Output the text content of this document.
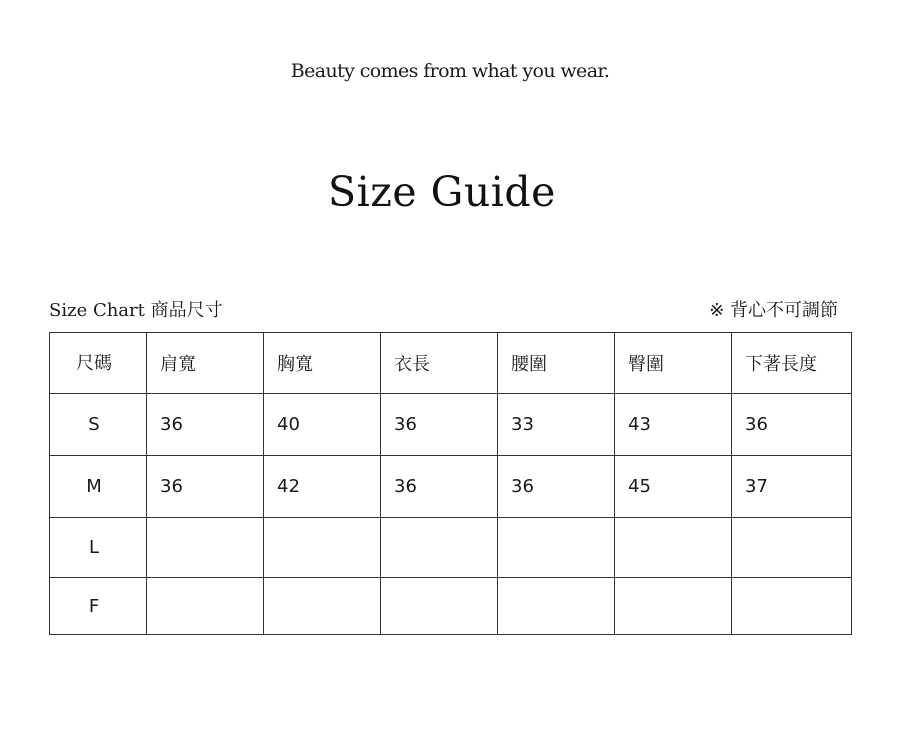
Beauty comes from what you wear.
Size Guide
Size Chart 商品尺寸	※ 背心不可調節
尺碼	肩寬	胸寬	衣長	腰圍	臀圍	下著長度
S	36	40	36	33	43	36
M	36	42	36	36	45	37
L						
F						
